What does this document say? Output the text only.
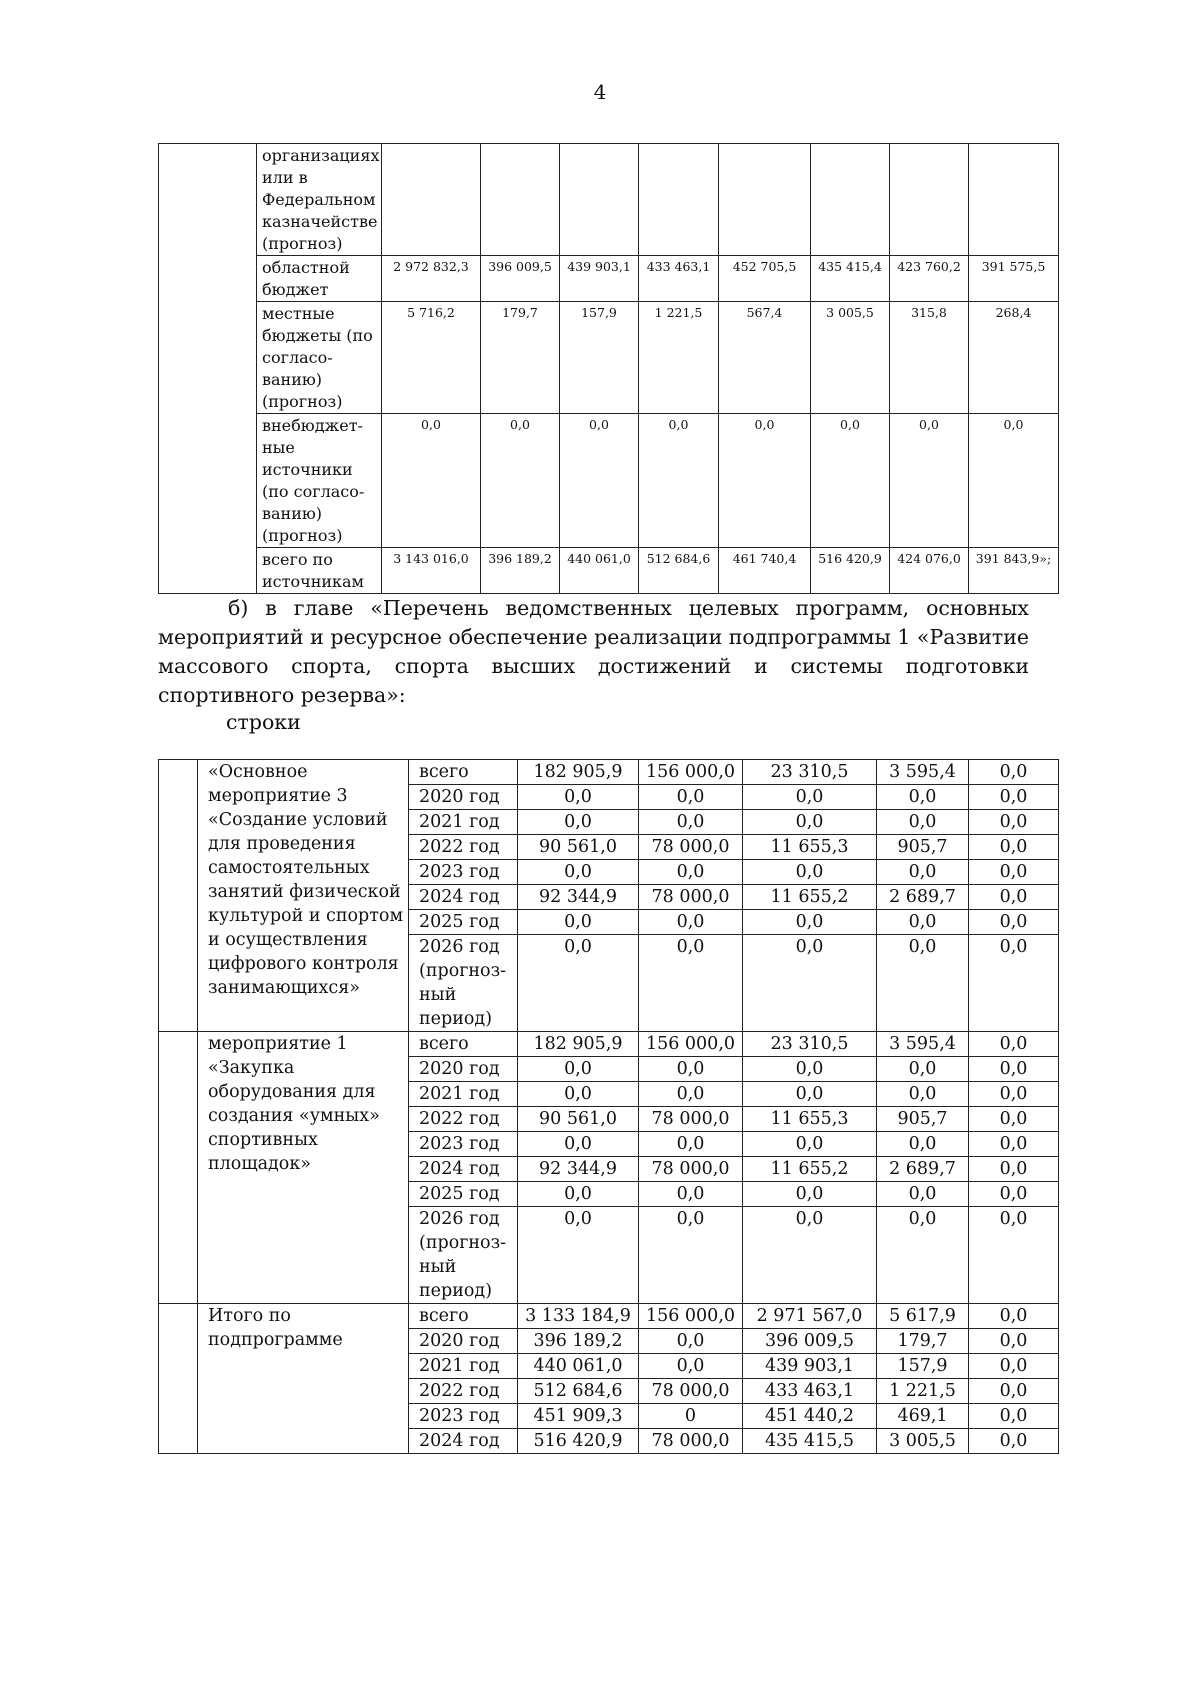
4
	организациях или в Федеральном казначействе (прогноз)								
	областной бюджет	2 972 832,3	396 009,5	439 903,1	433 463,1	452 705,5	435 415,4	423 760,2	391 575,5
	местные бюджеты (по согласо-ванию) (прогноз)	5 716,2	179,7	157,9	1 221,5	567,4	3 005,5	315,8	268,4
	внебюджет-ные источники (по согласо-ванию) (прогноз)	0,0	0,0	0,0	0,0	0,0	0,0	0,0	0,0
	всего по источникам	3 143 016,0	396 189,2	440 061,0	512 684,6	461 740,4	516 420,9	424 076,0	391 843,9»;

б) в главе «Перечень ведомственных целевых программ, основных мероприятий и ресурсное обеспечение реализации подпрограммы 1 «Развитие массового спорта, спорта высших достижений и системы подготовки спортивного резерва»:

строки
	«Основное мероприятие 3 «Создание условий для проведения самостоятельных занятий физической культурой и спортом и осуществления цифрового контроля занимающихся»	всего	182 905,9	156 000,0	23 310,5	3 595,4	0,0
		2020 год	0,0	0,0	0,0	0,0	0,0
		2021 год	0,0	0,0	0,0	0,0	0,0
		2022 год	90 561,0	78 000,0	11 655,3	905,7	0,0
		2023 год	0,0	0,0	0,0	0,0	0,0
		2024 год	92 344,9	78 000,0	11 655,2	2 689,7	0,0
		2025 год	0,0	0,0	0,0	0,0	0,0
		2026 год (прогноз-ный период)	0,0	0,0	0,0	0,0	0,0
	мероприятие 1 «Закупка оборудования для создания «умных» спортивных площадок»	всего	182 905,9	156 000,0	23 310,5	3 595,4	0,0
		2020 год	0,0	0,0	0,0	0,0	0,0
		2021 год	0,0	0,0	0,0	0,0	0,0
		2022 год	90 561,0	78 000,0	11 655,3	905,7	0,0
		2023 год	0,0	0,0	0,0	0,0	0,0
		2024 год	92 344,9	78 000,0	11 655,2	2 689,7	0,0
		2025 год	0,0	0,0	0,0	0,0	0,0
		2026 год (прогноз-ный период)	0,0	0,0	0,0	0,0	0,0
	Итого по подпрограмме	всего	3 133 184,9	156 000,0	2 971 567,0	5 617,9	0,0
		2020 год	396 189,2	0,0	396 009,5	179,7	0,0
		2021 год	440 061,0	0,0	439 903,1	157,9	0,0
		2022 год	512 684,6	78 000,0	433 463,1	1 221,5	0,0
		2023 год	451 909,3	0	451 440,2	469,1	0,0
		2024 год	516 420,9	78 000,0	435 415,5	3 005,5	0,0
